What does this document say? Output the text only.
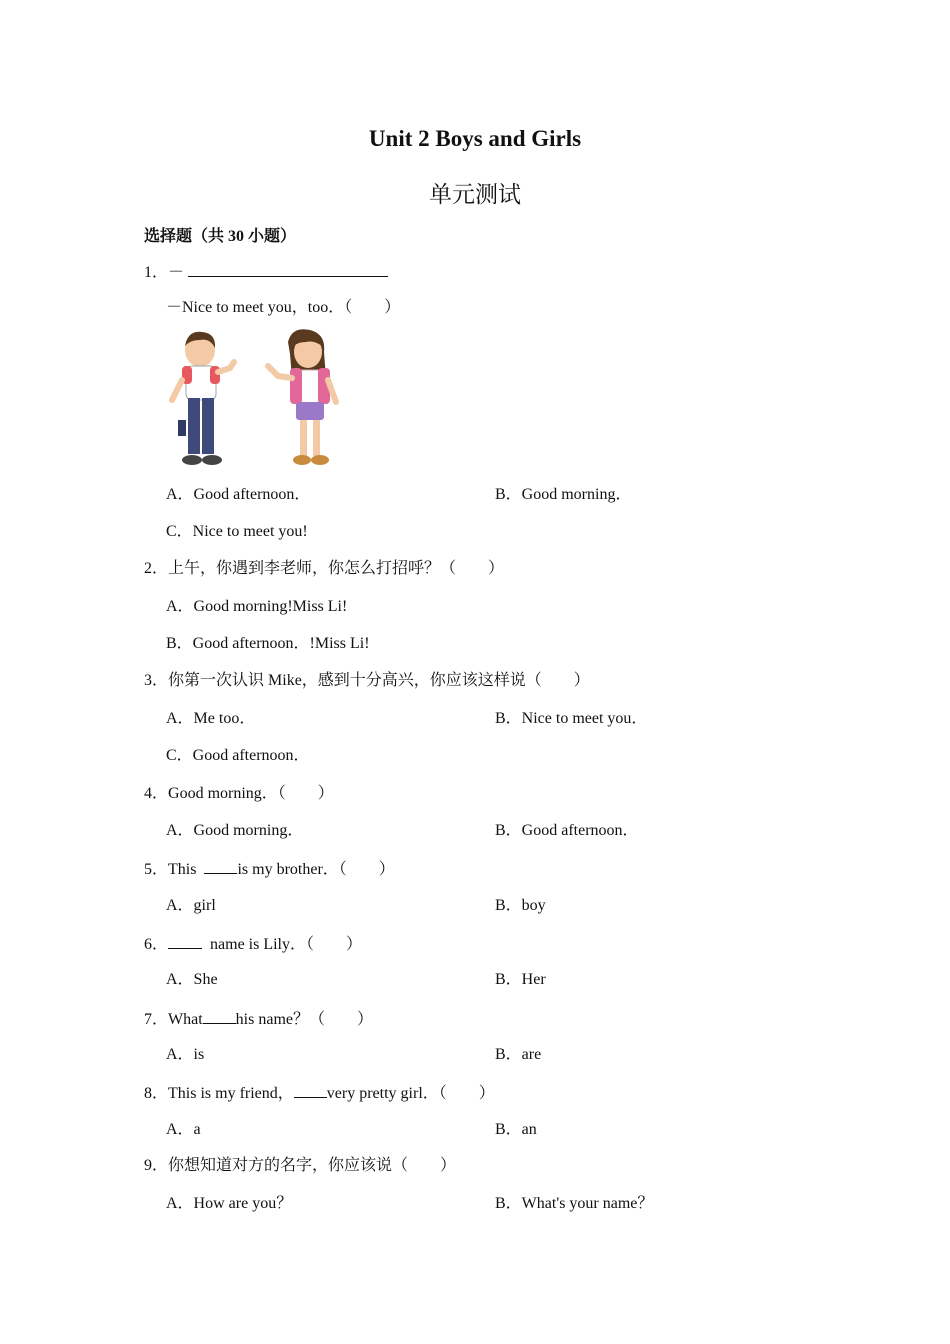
Unit 2 Boys and Girls
单元测试
选择题（共 30 小题）
1．－
－Nice to meet you，too．（　　）
A．Good afternoon．	B．Good morning．
C．Nice to meet you!
2．上午，你遇到李老师，你怎么打招呼？（　　）
A．Good morning!Miss Li!
B．Good afternoon．!Miss Li!
3．你第一次认识 Mike，感到十分高兴，你应该这样说（　　）
A．Me too．	B．Nice to meet you．
C．Good afternoon．
4．Good morning．（　　）
A．Good morning．	B．Good afternoon．
5．This  is my brother．（　　）
A．girl	B．boy
6．  name is Lily．（　　）
A．She	B．Her
7．What his name？（　　）
A．is	B．are
8．This is my friend， very pretty girl．（　　）
A．a	B．an
9．你想知道对方的名字，你应该说（　　）
A．How are you？	B．What's your name？
